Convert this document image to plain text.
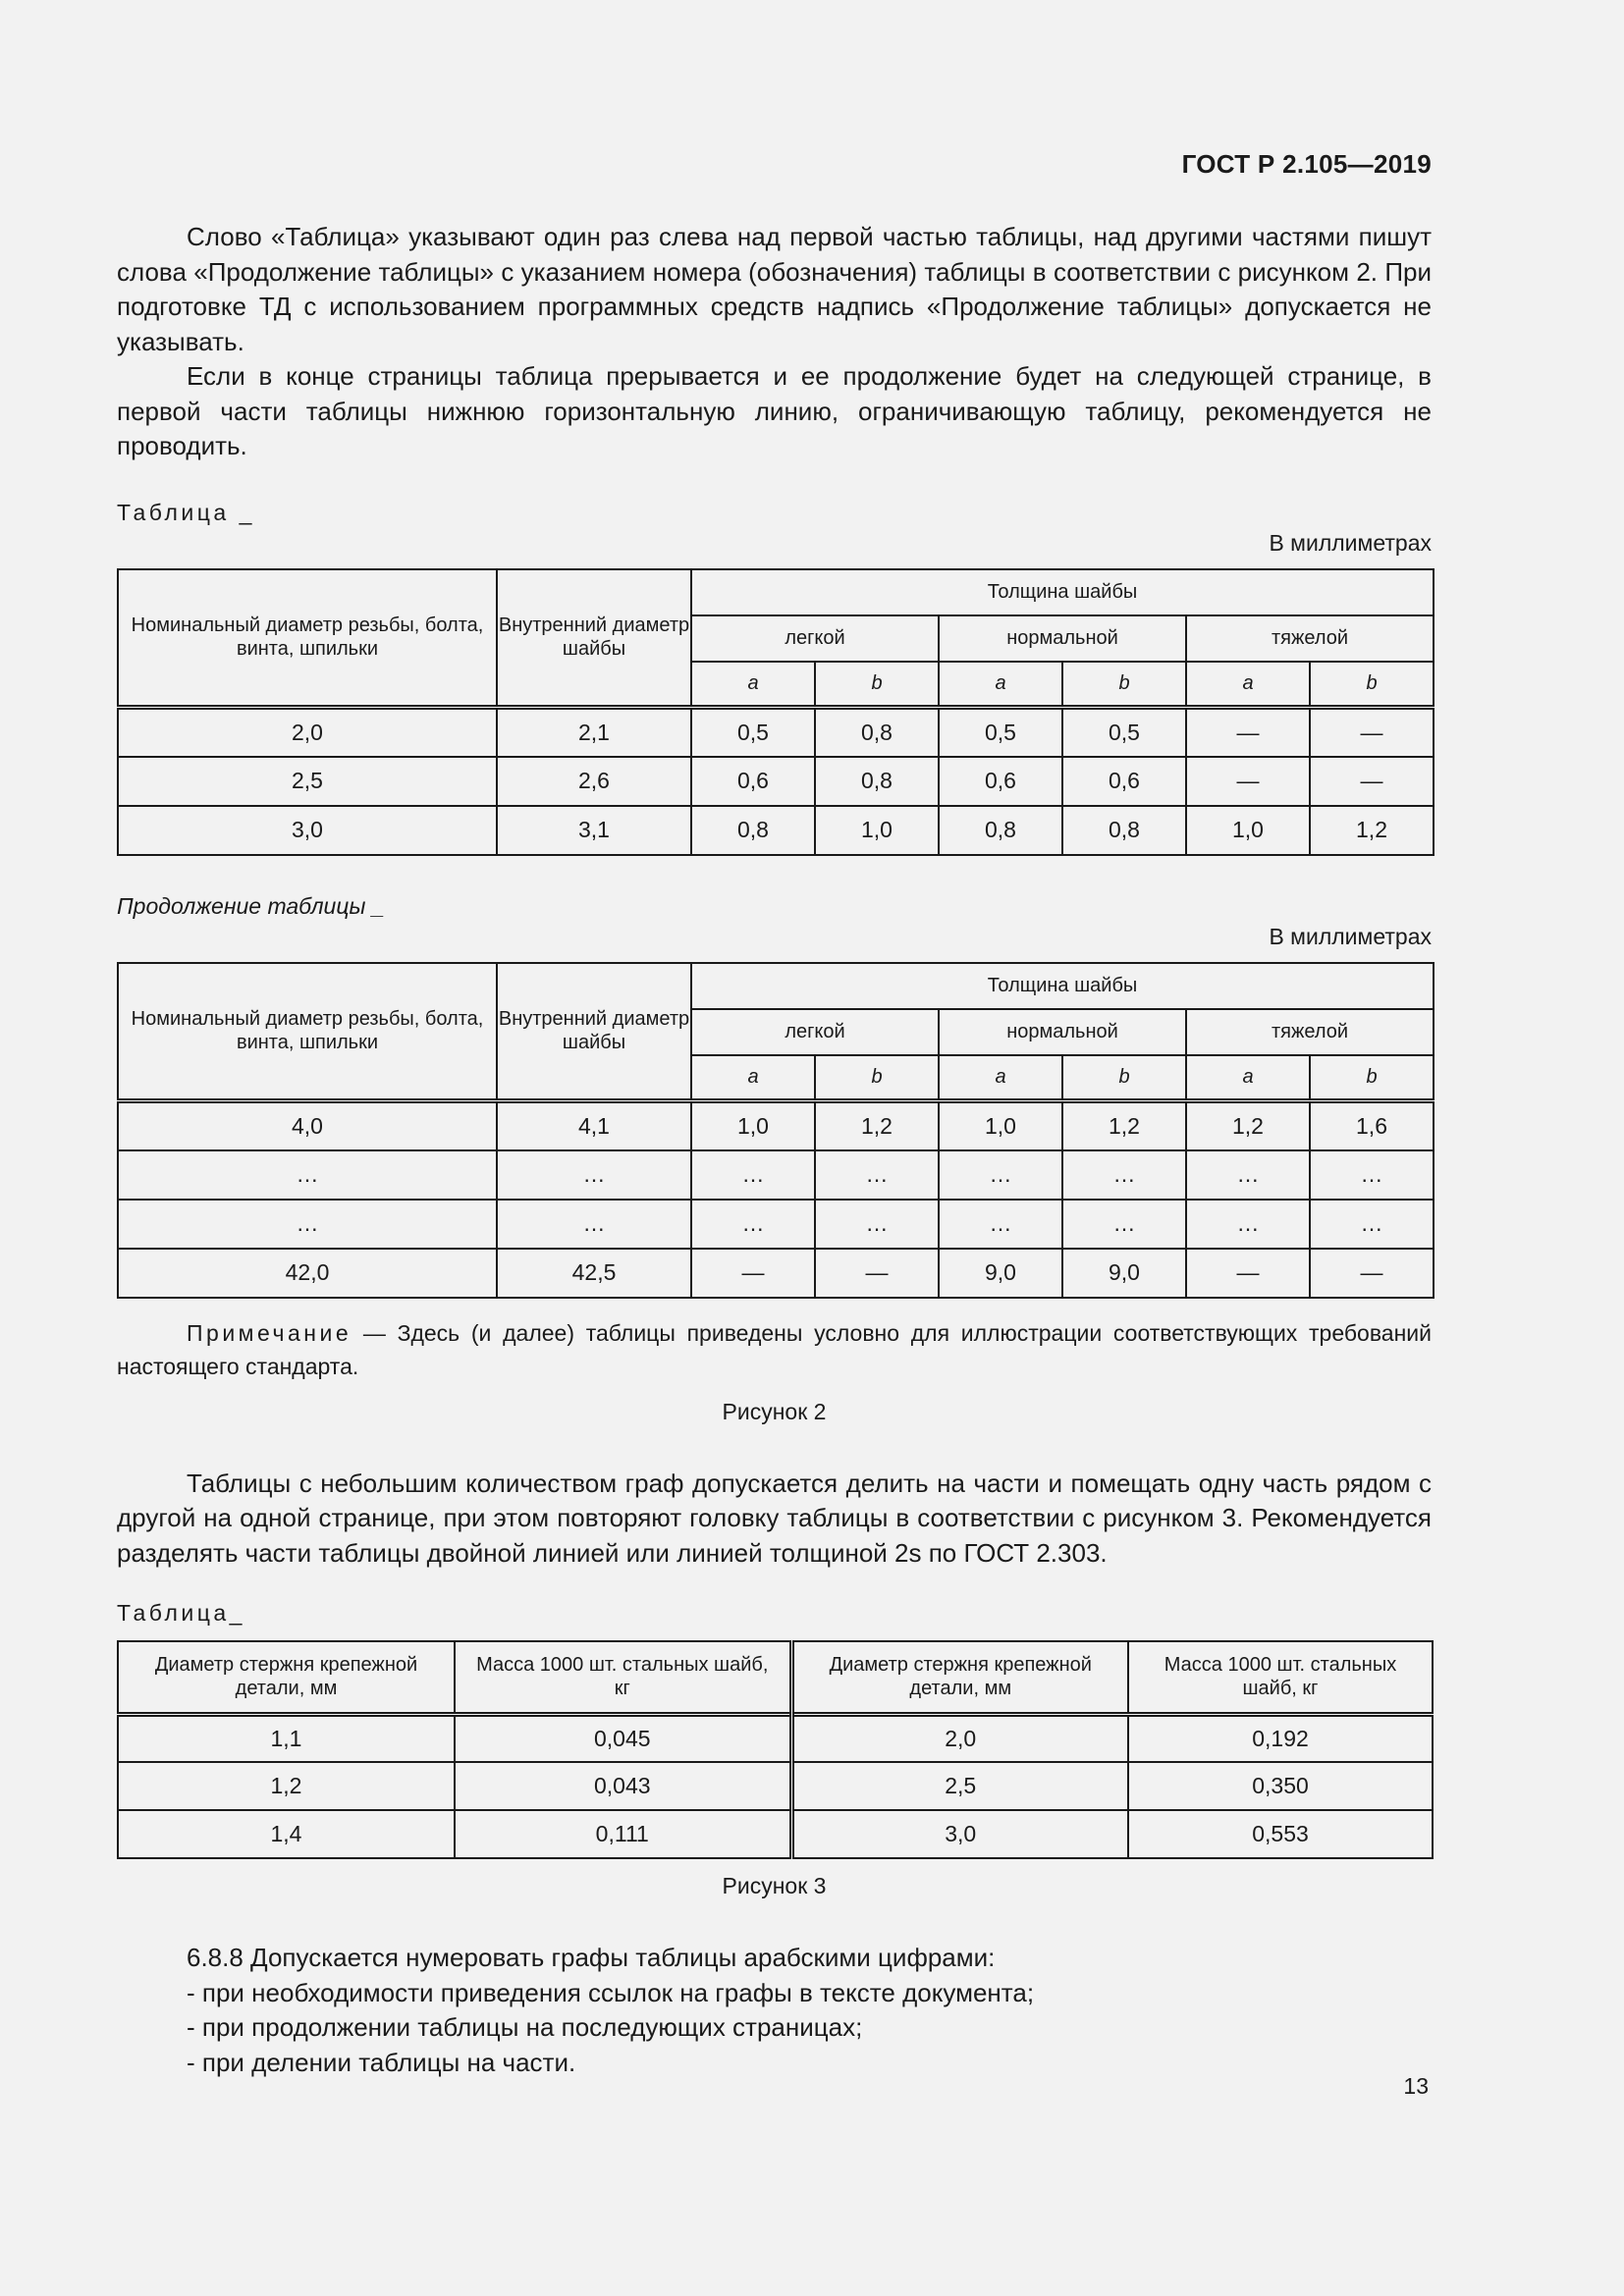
ГОСТ Р 2.105—2019

Слово «Таблица» указывают один раз слева над первой частью таблицы, над другими частями пишут слова «Продолжение таблицы» с указанием номера (обозначения) таблицы в соответствии с рисунком 2. При подготовке ТД с использованием программных средств надпись «Продолжение таблицы» допускается не указывать.

Если в конце страницы таблица прерывается и ее продолжение будет на следующей странице, в первой части таблицы нижнюю горизонтальную линию, ограничивающую таблицу, рекомендуется не проводить.

Таблица _
В миллиметрах
Номинальный диаметр резьбы, болта, винта, шпильки	Внутренний диаметр шайбы	Толщина шайбы					
		легкой		нормальной		тяжелой	
		a	b	a	b	a	b
2,0	2,1	0,5	0,8	0,5	0,5	—	—
2,5	2,6	0,6	0,8	0,6	0,6	—	—
3,0	3,1	0,8	1,0	0,8	0,8	1,0	1,2
Продолжение таблицы _
В миллиметрах
Номинальный диаметр резьбы, болта, винта, шпильки	Внутренний диаметр шайбы	Толщина шайбы					
		легкой		нормальной		тяжелой	
		a	b	a	b	a	b
4,0	4,1	1,0	1,2	1,0	1,2	1,2	1,6
…	…	…	…	…	…	…	…
…	…	…	…	…	…	…	…
42,0	42,5	—	—	9,0	9,0	—	—

Примечание — Здесь (и далее) таблицы приведены условно для иллюстрации соответствующих требований настоящего стандарта.

Рисунок 2

Таблицы с небольшим количеством граф допускается делить на части и помещать одну часть рядом с другой на одной странице, при этом повторяют головку таблицы в соответствии с рисунком 3. Рекомендуется разделять части таблицы двойной линией или линией толщиной 2s по ГОСТ 2.303.

Таблица_
Диаметр стержня крепежной детали, мм	Масса 1000 шт. стальных шайб, кг	Диаметр стержня крепежной детали, мм	Масса 1000 шт. стальных шайб, кг
1,1	0,045	2,0	0,192
1,2	0,043	2,5	0,350
1,4	0,111	3,0	0,553
Рисунок 3

6.8.8 Допускается нумеровать графы таблицы арабскими цифрами:

- при необходимости приведения ссылок на графы в тексте документа;
- при продолжении таблицы на последующих страницах;
- при делении таблицы на части.
13
